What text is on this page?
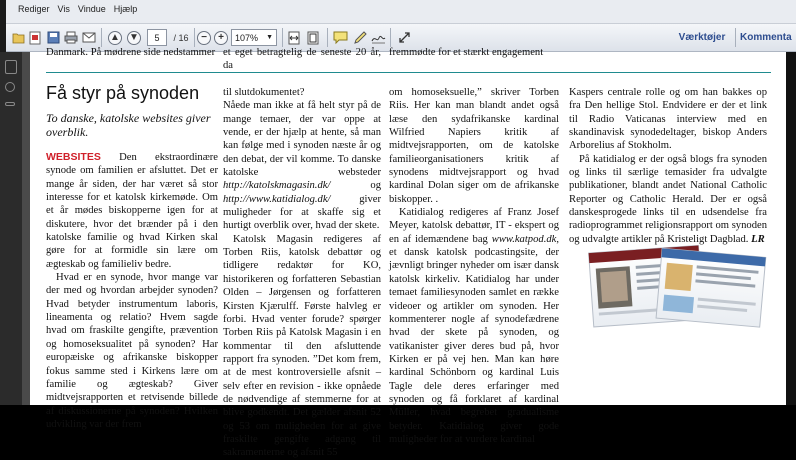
Rediger Vis Vindue Hjælp
▲ ▼	5	/ 16	−	+	107% ▼	Værktøjer	Kommenta
Danmark. På mødrene side nedstammer et eget betragtelig de seneste 20 år, da
fremmødte for et stærkt engagement
Få styr på synoden
To danske, katolske websites giver overblik.

WEBSITES Den ekstraordinære synode om familien er afsluttet. Det er mange år siden, der har været så stor interesse for et katolsk kirkemøde. Om et år mødes biskopperne igen for at diskutere, hvor det brænder på i den katolske familie og hvad Kirken skal gøre for at formidle sin lære om ægteskab og familieliv bedre.

Hvad er en synode, hvor mange var der med og hvordan arbejder synoden? Hvad betyder instrumentum laboris, lineamenta og relatio? Hvem sagde hvad om fraskilte gengifte, prævention og homoseksualitet på synoden? Har europæiske og afrikanske biskopper fokus samme sted i Kirkens lære om familie og ægteskab? Giver midtvejsrapporten et retvisende billede af diskussionerne på synoden? Hvilken udvikling var der frem

til slutdokumentet?

Nåede man ikke at få helt styr på de mange temaer, der var oppe at vende, er der hjælp at hente, så man kan følge med i synoden næste år og den debat, der vil komme. To danske katolske websteder http://katolskmagasin.dk/ og http://www.katidialog.dk/ giver muligheder for at skaffe sig et hurtigt overblik over, hvad der skete.

Katolsk Magasin redigeres af Torben Riis, katolsk debattør og tidligere redaktør for KO, historikeren og forfatteren Sebastian Olden – Jørgensen og forfatteren Kirsten Kjærulff. Første halvleg er forbi. Hvad venter forude? spørger Torben Riis på Katolsk Magasin i en kommentar til den afsluttende rapport fra synoden. ”Det kom frem, at de mest kontroversielle afsnit – selv efter en revision - ikke opnåede de nødvendige af stemmerne for at blive godkendt. Det gælder afsnit 52 og 53 om muligheden for at give fraskilte gengifte adgang til sakramenterne og afsnit 55

om homoseksuelle,” skriver Torben Riis. Her kan man blandt andet også læse den sydafrikanske kardinal Wilfried Napiers kritik af midtvejsrapporten, om de katolske familieorganisationers kritik af synodens midtvejsrapport og hvad kardinal Dolan siger om de afrikanske biskopper. .

Katidialog redigeres af Franz Josef Meyer, katolsk debattør, IT - ekspert og en af idemændene bag www.katpod.dk, et dansk katolsk podcastingsite, der jævnligt bringer nyheder om især dansk katolsk kirkeliv. Katidialog har under temaet familiesynoden samlet en række videoer og artikler om synoden. Her kommenterer nogle af synodefædrene hvad der skete på synoden, og vatikanister giver deres bud på, hvor Kirken er på vej hen. Man kan høre kardinal Schönborn og kardinal Luis Tagle dele deres erfaringer med synoden og få forklaret af kardinal Müller, hvad begrebet gradualisme betyder. Katidialog giver gode muligheder for at vurdere kardinal

Kaspers centrale rolle og om han bakkes op fra Den hellige Stol. Endvidere er der et link til Radio Vaticanas interview med en skandinavisk synodedeltager, biskop Anders Arborelius af Stokholm.

På katidialog er der også blogs fra synoden og links til særlige temasider fra udvalgte publikationer, blandt andet National Catholic Reporter og Catholic Herald. Der er også danskesprogede links til en udsendelse fra radioprogrammet religionsrapport om synoden og udvalgte artikler på Kristeligt Dagblad. LR
